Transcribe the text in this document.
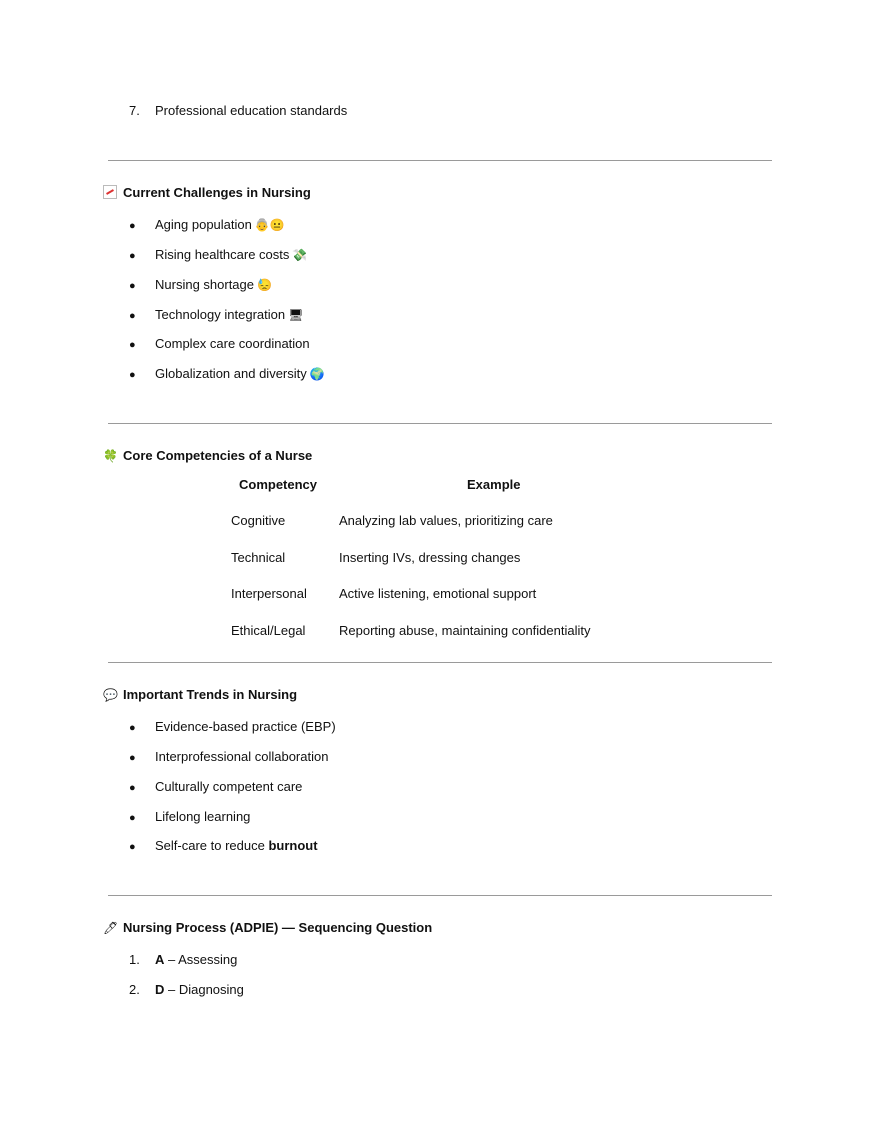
7. Professional education standards
Current Challenges in Nursing
● Aging population 👵😐
● Rising healthcare costs 💸
● Nursing shortage 😓
● Technology integration 🖥
● Complex care coordination
● Globalization and diversity 🌍
🍀 Core Competencies of a Nurse
Competency	Example
Cognitive	Analyzing lab values, prioritizing care
Technical	Inserting IVs, dressing changes
Interpersonal Active listening, emotional support
Ethical/Legal	Reporting abuse, maintaining confidentiality
💬 Important Trends in Nursing
● Evidence-based practice (EBP)
● Interprofessional collaboration
● Culturally competent care
● Lifelong learning
● Self-care to reduce burnout
🖊 Nursing Process (ADPIE) — Sequencing Question
1. A – Assessing
2. D – Diagnosing
